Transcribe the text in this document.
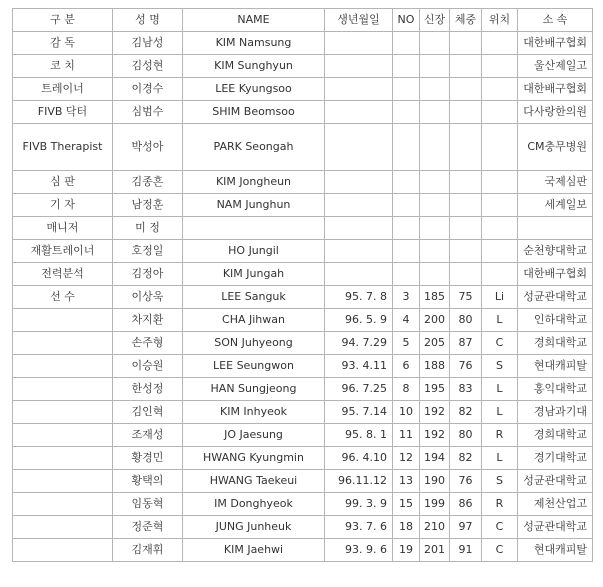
구 분	성 명	NAME	생년월일	NO	신장	체중	위치	소 속
감 독	김남성	KIM Namsung						대한배구협회
코 치	김성현	KIM Sunghyun						울산제일고
트레이너	이경수	LEE Kyungsoo						대한배구협회
FIVB 닥터	심범수	SHIM Beomsoo						다사랑한의원
FIVB Therapist	박성아	PARK Seongah						CM충무병원
심 판	김종흔	KIM Jongheun						국제심판
기 자	남정훈	NAM Junghun						세계일보
매니저	미 정							
재활트레이너	호정일	HO Jungil						순천향대학교
전력분석	김정아	KIM Jungah						대한배구협회
선 수	이상욱	LEE Sanguk	95. 7. 8	3	185	75	Li	성균관대학교
	차지환	CHA Jihwan	96. 5. 9	4	200	80	L	인하대학교
	손주형	SON Juhyeong	94. 7.29	5	205	87	C	경희대학교
	이승원	LEE Seungwon	93. 4.11	6	188	76	S	현대캐피탈
	한성정	HAN Sungjeong	96. 7.25	8	195	83	L	홍익대학교
	김인혁	KIM Inhyeok	95. 7.14	10	192	82	L	경남과기대
	조재성	JO Jaesung	95. 8. 1	11	192	80	R	경희대학교
	황경민	HWANG Kyungmin	96. 4.10	12	194	82	L	경기대학교
	황택의	HWANG Taekeui	96.11.12	13	190	76	S	성균관대학교
	임동혁	IM Donghyeok	99. 3. 9	15	199	86	R	제천산업고
	정준혁	JUNG Junheuk	93. 7. 6	18	210	97	C	성균관대학교
	김재휘	KIM Jaehwi	93. 9. 6	19	201	91	C	현대캐피탈
